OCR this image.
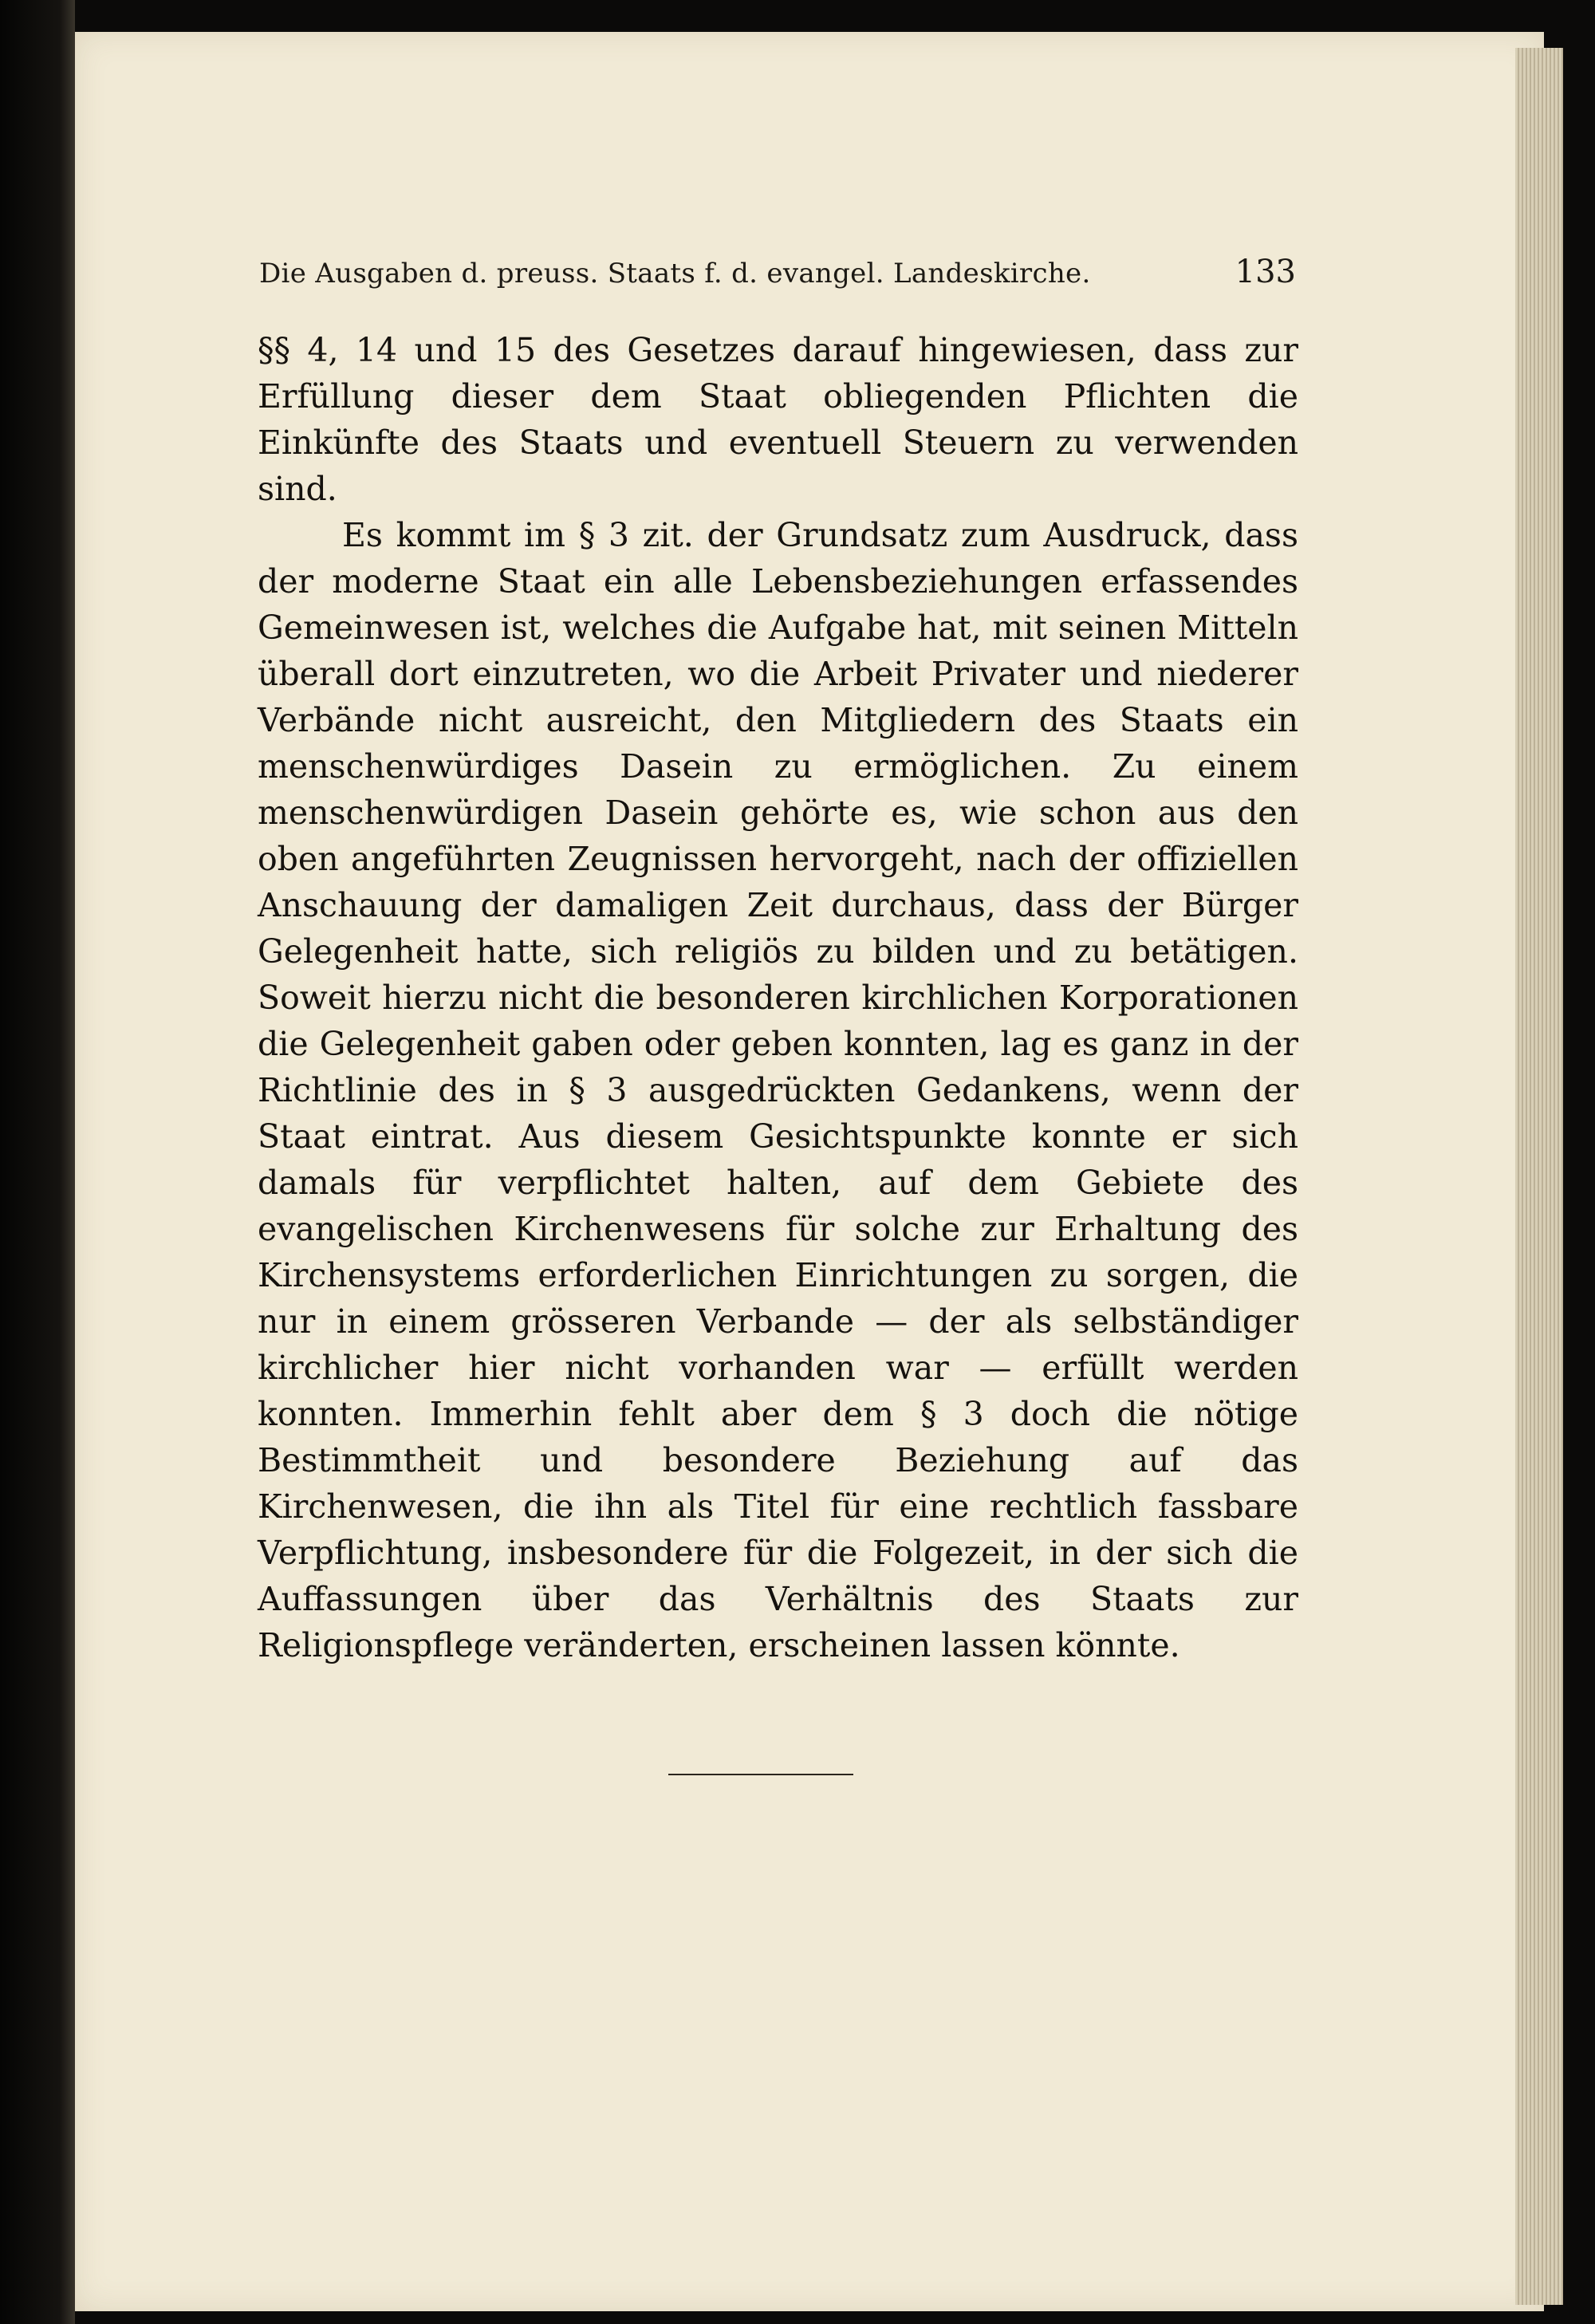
Die Ausgaben d. preuss. Staats f. d. evangel. Landeskirche.	133

§§ 4, 14 und 15 des Gesetzes darauf hingewiesen, dass zur Erfüllung dieser dem Staat obliegenden Pflichten die Einkünfte des Staats und eventuell Steuern zu verwenden sind.

Es kommt im § 3 zit. der Grundsatz zum Ausdruck, dass der moderne Staat ein alle Lebensbeziehungen erfassendes Gemeinwesen ist, welches die Aufgabe hat, mit seinen Mitteln überall dort einzutreten, wo die Arbeit Privater und niederer Verbände nicht ausreicht, den Mitgliedern des Staats ein menschenwürdiges Dasein zu ermöglichen. Zu einem menschenwürdigen Dasein gehörte es, wie schon aus den oben angeführten Zeugnissen hervorgeht, nach der offiziellen Anschauung der damaligen Zeit durchaus, dass der Bürger Gelegenheit hatte, sich religiös zu bilden und zu betätigen. Soweit hierzu nicht die besonderen kirchlichen Korporationen die Gelegenheit gaben oder geben konnten, lag es ganz in der Richtlinie des in § 3 ausgedrückten Gedankens, wenn der Staat eintrat. Aus diesem Gesichtspunkte konnte er sich damals für verpflichtet halten, auf dem Gebiete des evangelischen Kirchenwesens für solche zur Erhaltung des Kirchensystems erforderlichen Einrichtungen zu sorgen, die nur in einem grösseren Verbande — der als selbständiger kirchlicher hier nicht vorhanden war — erfüllt werden konnten. Immerhin fehlt aber dem § 3 doch die nötige Bestimmtheit und besondere Beziehung auf das Kirchenwesen, die ihn als Titel für eine rechtlich fassbare Verpflichtung, insbesondere für die Folgezeit, in der sich die Auffassungen über das Verhältnis des Staats zur Religionspflege veränderten, erscheinen lassen könnte.
